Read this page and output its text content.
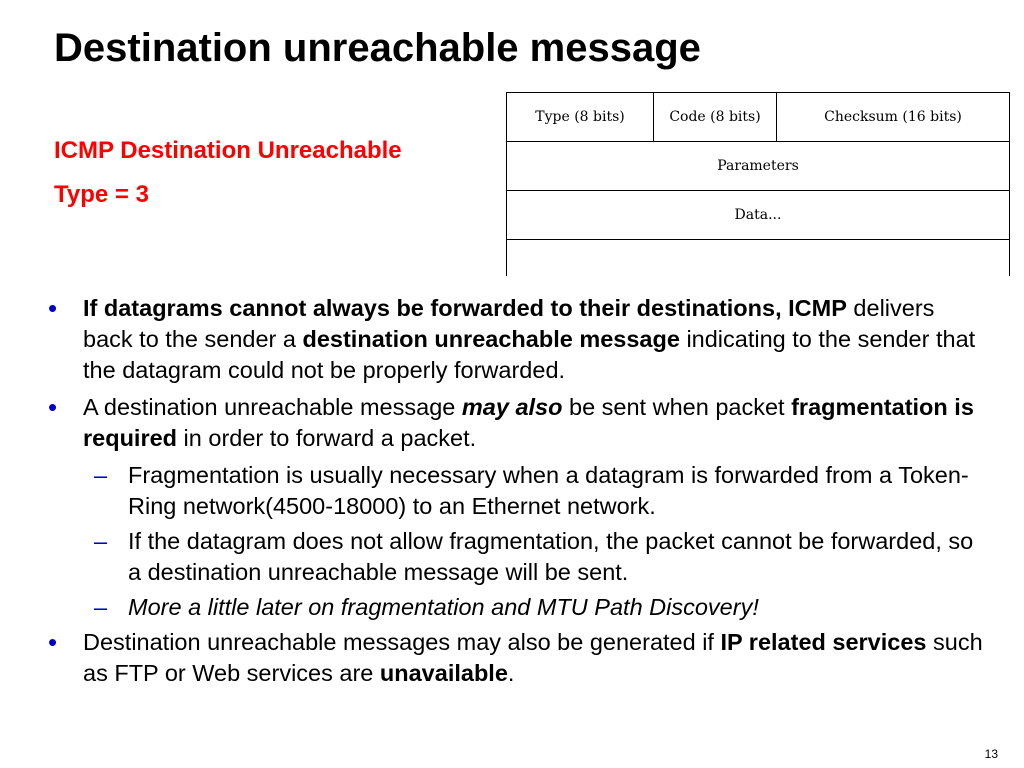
Destination unreachable message
ICMP Destination Unreachable
Type = 3
Type (8 bits)	Code (8 bits)	Checksum (16 bits)
Parameters
Data...

• If datagrams cannot always be forwarded to their destinations, ICMP delivers back to the sender a destination unreachable message indicating to the sender that the datagram could not be properly forwarded.
• A destination unreachable message may also be sent when packet fragmentation is required in order to forward a packet.
– Fragmentation is usually necessary when a datagram is forwarded from a Token-Ring network(4500-18000) to an Ethernet network.
– If the datagram does not allow fragmentation, the packet cannot be forwarded, so a destination unreachable message will be sent.
– More a little later on fragmentation and MTU Path Discovery!
• Destination unreachable messages may also be generated if IP related services such as FTP or Web services are unavailable.
13
